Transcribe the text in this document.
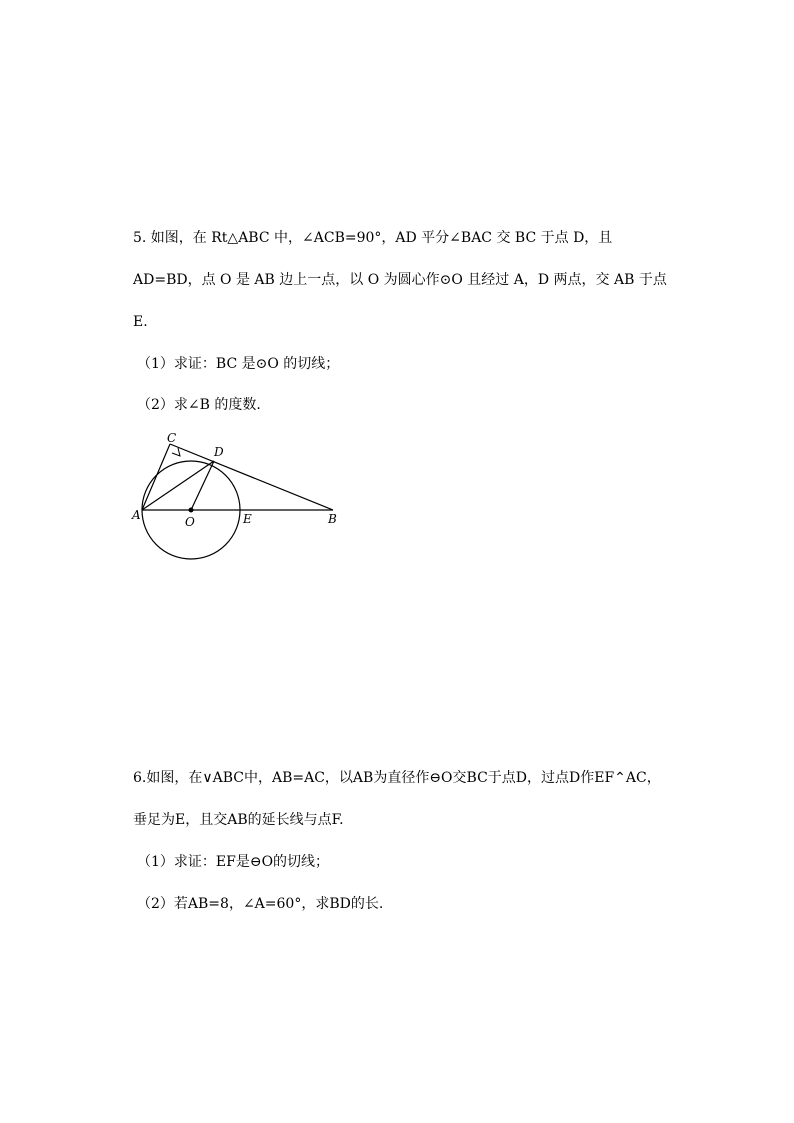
5. 如图，在 Rt△ABC 中，∠ACB=90°，AD 平分∠BAC 交 BC 于点 D，且
AD=BD，点 O 是 AB 边上一点，以 O 为圆心作⊙O 且经过 A，D 两点，交 AB 于点
E.
（1）求证：BC 是⊙O 的切线；
（2）求∠B 的度数.
C
D
A	O	E	B
6.如图，在∨ABC中，AB=AC，以AB为直径作⊖O交BC于点D，过点D作EF⌃AC，
垂足为E，且交AB的延长线与点F.
（1）求证：EF是⊖O的切线；
（2）若AB=8，∠A=60°，求BD的长.
